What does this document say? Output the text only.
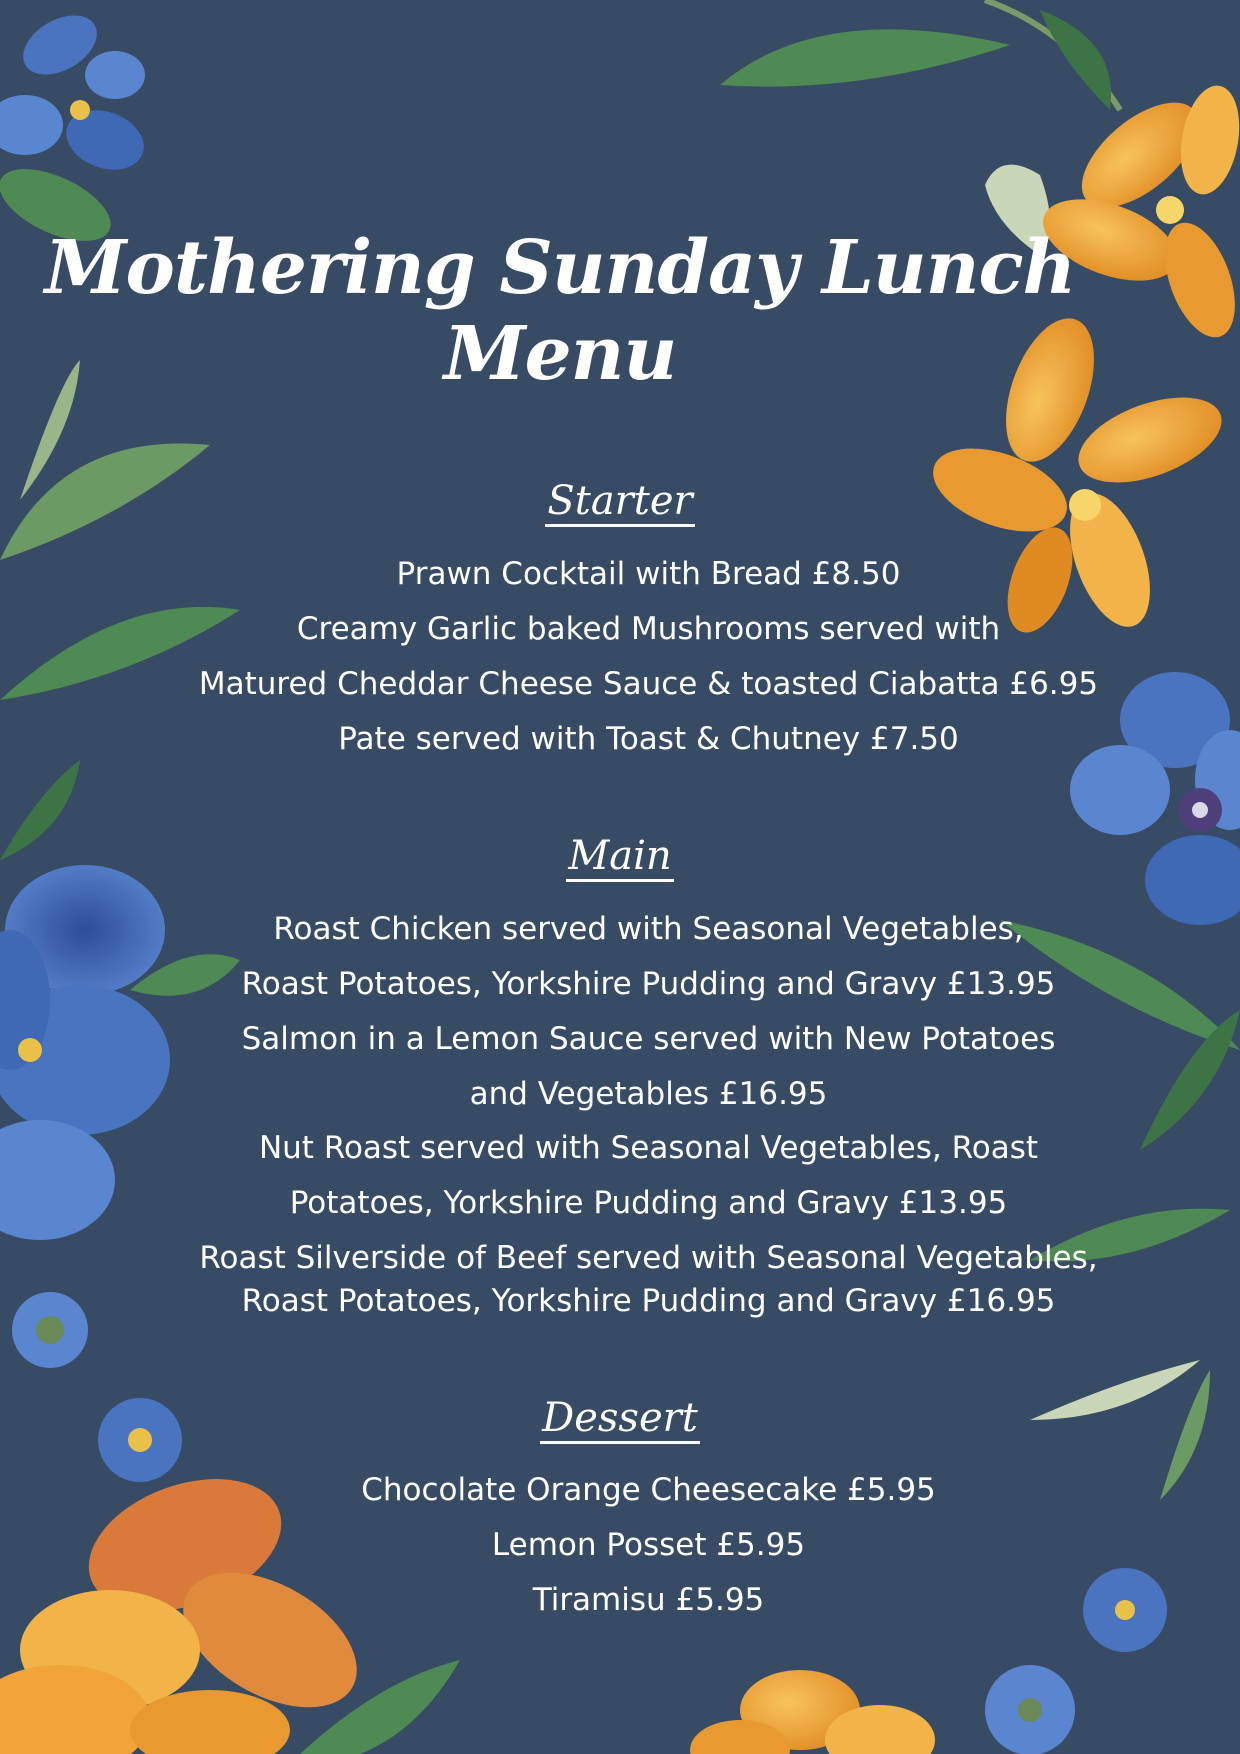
Mothering Sunday Lunch Menu
Starter

Prawn Cocktail with Bread £8.50

Creamy Garlic baked Mushrooms served with

Matured Cheddar Cheese Sauce & toasted Ciabatta £6.95

Pate served with Toast & Chutney £7.50

Main

Roast Chicken served with Seasonal Vegetables,

Roast Potatoes, Yorkshire Pudding and Gravy £13.95

Salmon in a Lemon Sauce served with New Potatoes

and Vegetables £16.95

Nut Roast served with Seasonal Vegetables, Roast

Potatoes, Yorkshire Pudding and Gravy £13.95

Roast Silverside of Beef served with Seasonal Vegetables,

Roast Potatoes, Yorkshire Pudding and Gravy £16.95

Dessert

Chocolate Orange Cheesecake £5.95

Lemon Posset £5.95

Tiramisu £5.95
